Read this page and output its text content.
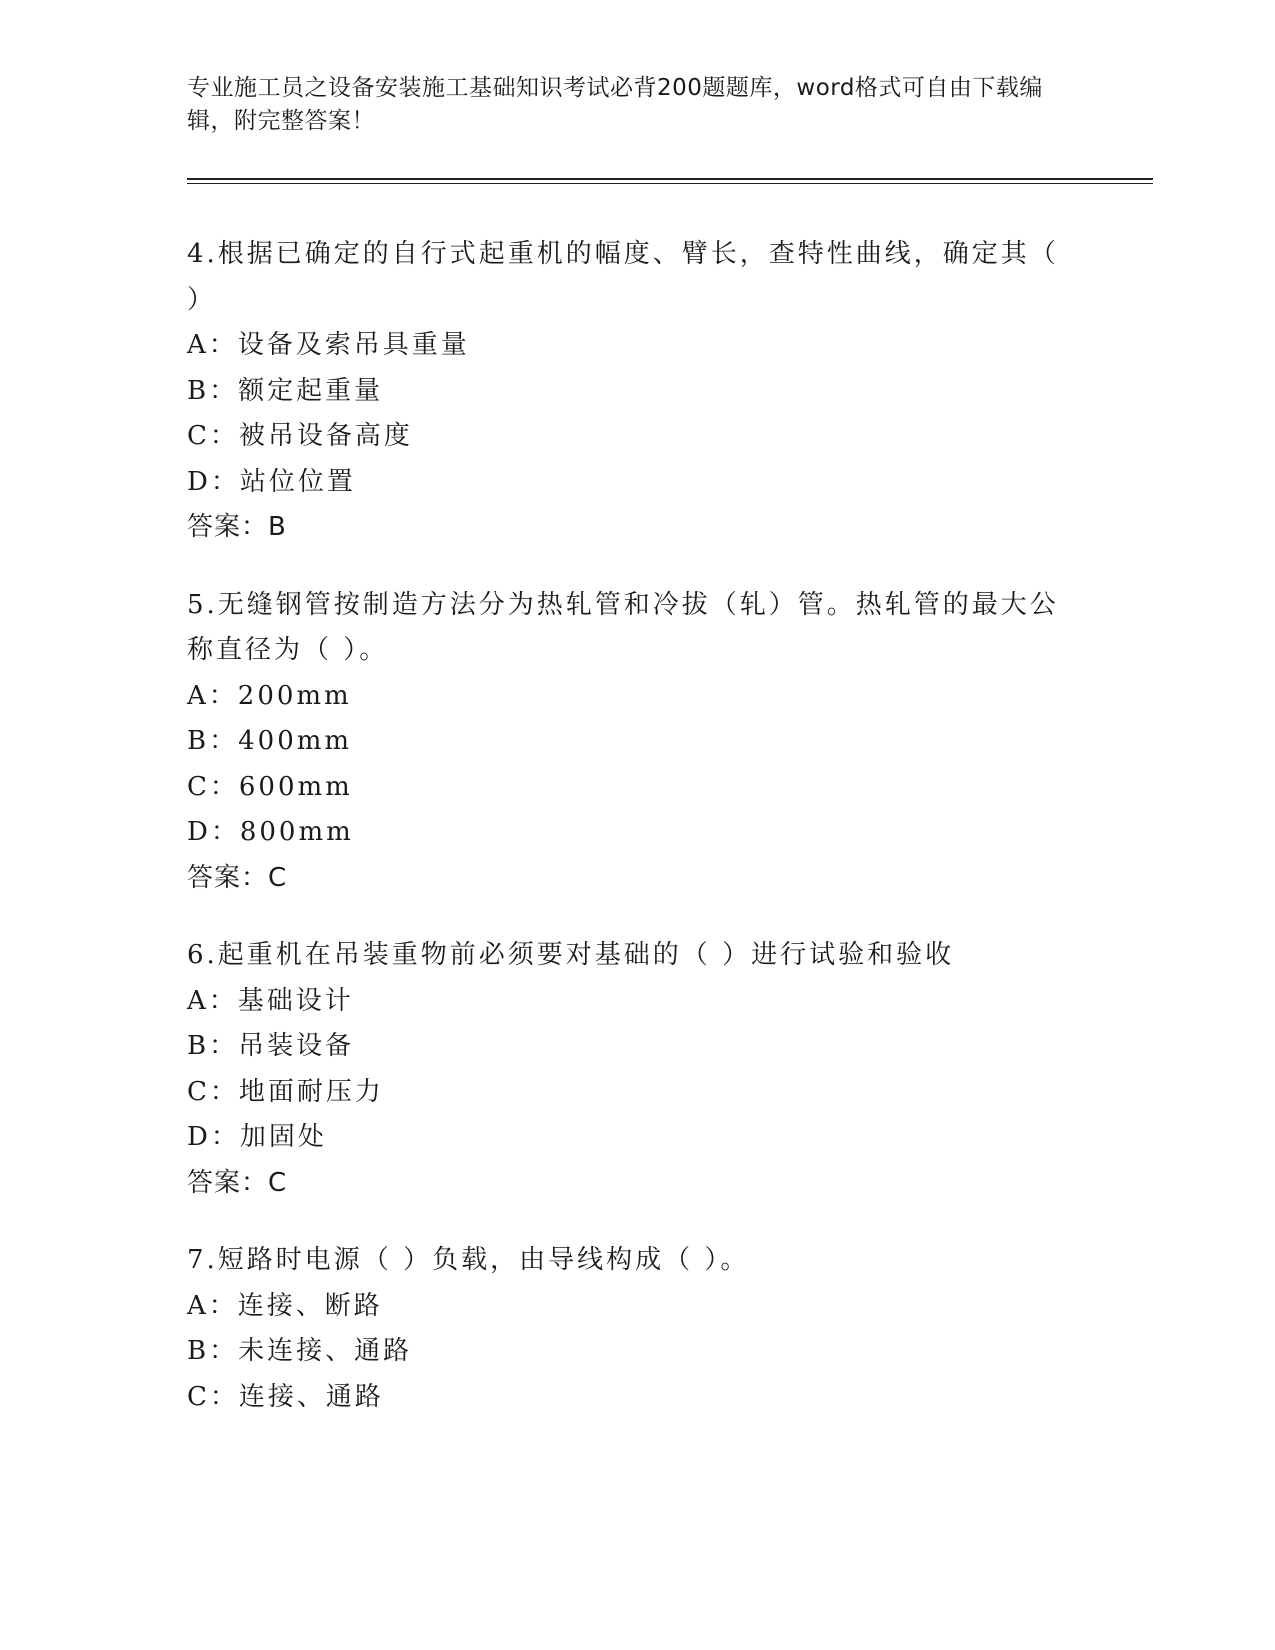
专业施工员之设备安装施工基础知识考试必背200题题库，word格式可自由下载编辑，附完整答案！
4.根据已确定的自行式起重机的幅度、臂长，查特性曲线，确定其（
）
A：设备及索吊具重量
B：额定起重量
C：被吊设备高度
D：站位位置
答案：B
5.无缝钢管按制造方法分为热轧管和冷拔（轧）管。热轧管的最大公
称直径为（ ）。
A：200mm
B：400mm
C：600mm
D：800mm
答案：C
6.起重机在吊装重物前必须要对基础的（ ）进行试验和验收
A：基础设计
B：吊装设备
C：地面耐压力
D：加固处
答案：C
7.短路时电源（ ）负载，由导线构成（ ）。
A：连接、断路
B：未连接、通路
C：连接、通路
